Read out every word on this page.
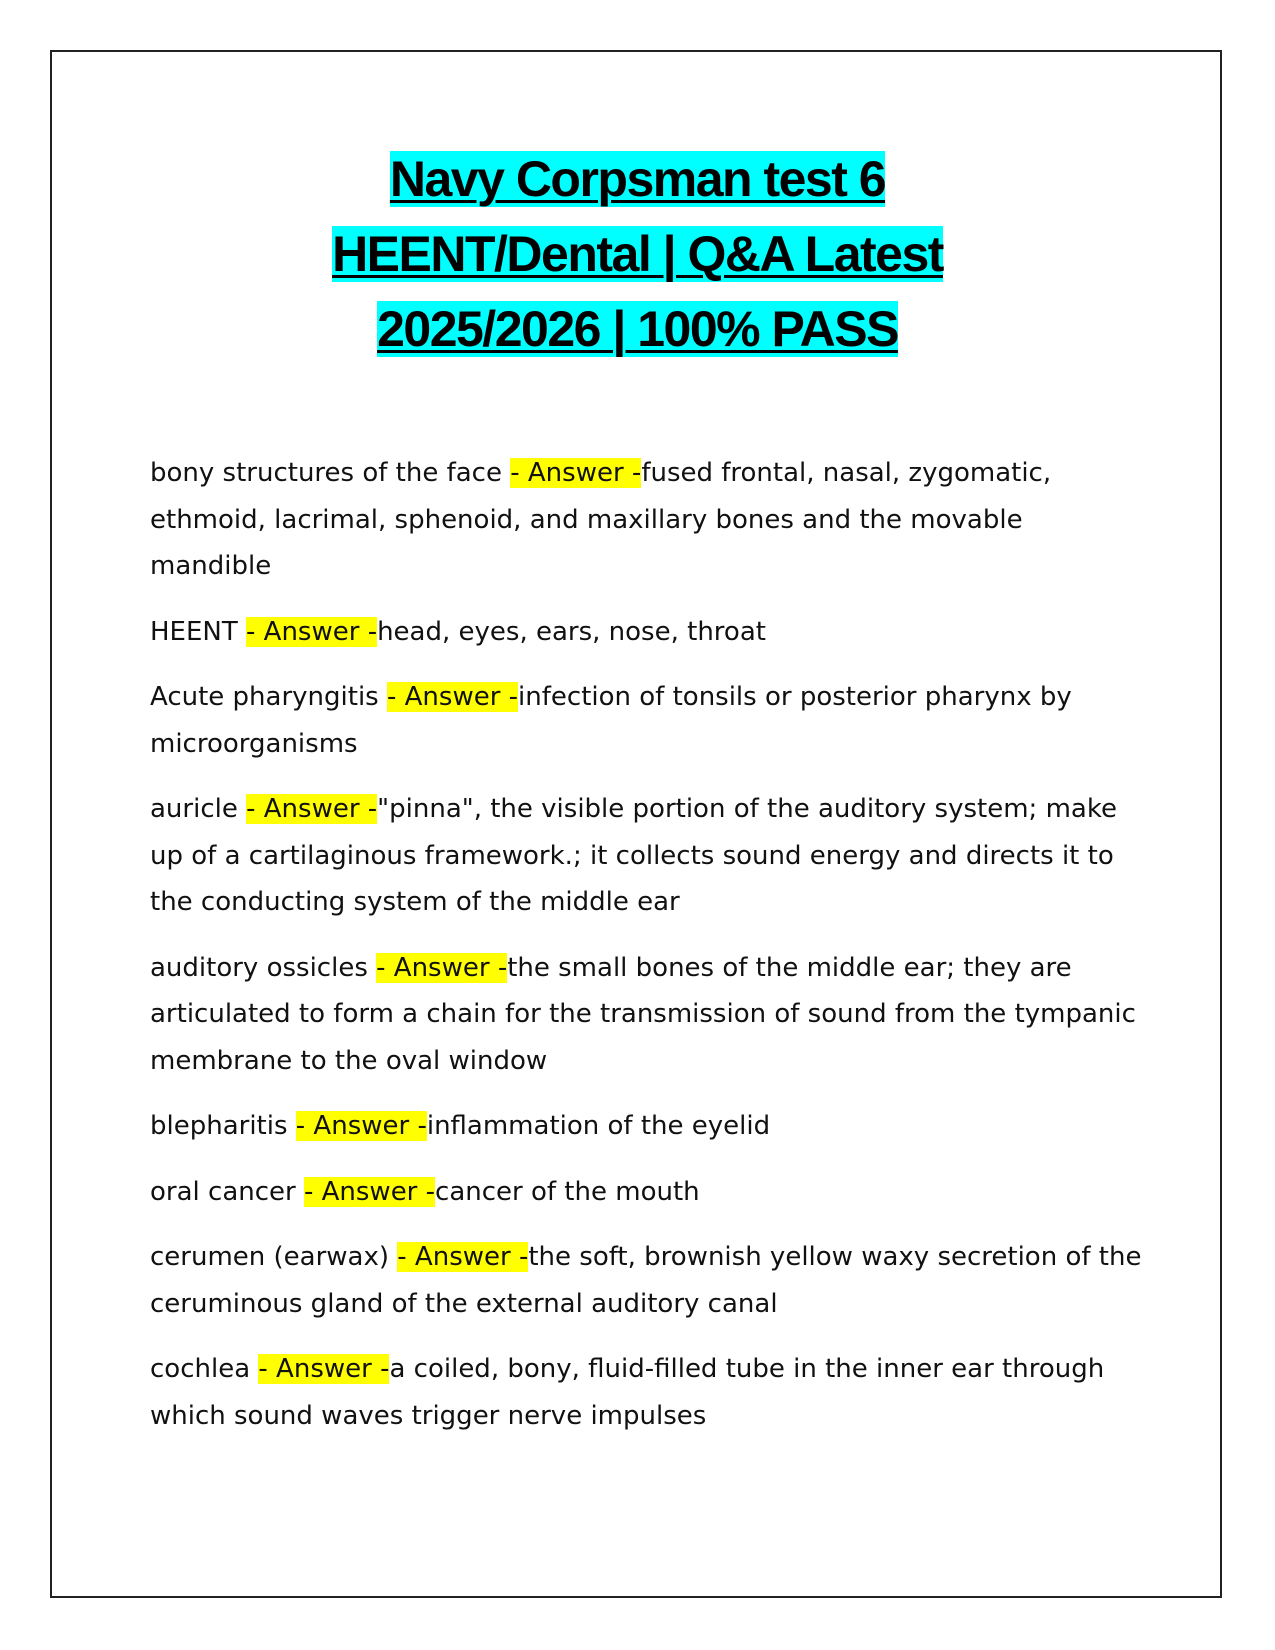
Navy Corpsman test 6
HEENT/Dental | Q&A Latest
2025/2026 | 100% PASS

bony structures of the face - Answer -fused frontal, nasal, zygomatic, ethmoid, lacrimal, sphenoid, and maxillary bones and the movable mandible

HEENT - Answer -head, eyes, ears, nose, throat

Acute pharyngitis - Answer -infection of tonsils or posterior pharynx by microorganisms

auricle - Answer -"pinna", the visible portion of the auditory system; make up of a cartilaginous framework.; it collects sound energy and directs it to the conducting system of the middle ear

auditory ossicles - Answer -the small bones of the middle ear; they are articulated to form a chain for the transmission of sound from the tympanic membrane to the oval window

blepharitis - Answer -inflammation of the eyelid

oral cancer - Answer -cancer of the mouth

cerumen (earwax) - Answer -the soft, brownish yellow waxy secretion of the ceruminous gland of the external auditory canal

cochlea - Answer -a coiled, bony, fluid-filled tube in the inner ear through which sound waves trigger nerve impulses
